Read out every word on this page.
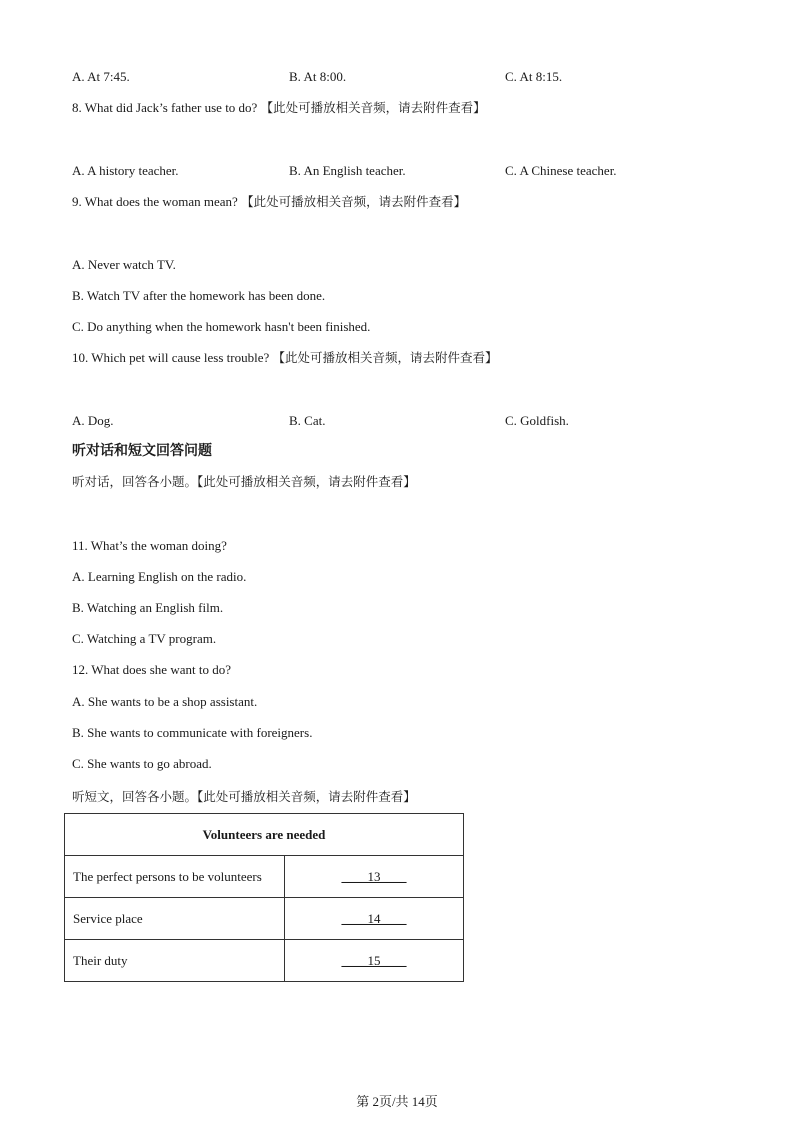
A. At 7:45.	B. At 8:00.	C. At 8:15.
8. What did Jack’s father use to do? 【此处可播放相关音频，请去附件查看】
A. A history teacher.	B. An English teacher.	C. A Chinese teacher.
9. What does the woman mean? 【此处可播放相关音频，请去附件查看】
A. Never watch TV.
B. Watch TV after the homework has been done.
C. Do anything when the homework hasn't been finished.
10. Which pet will cause less trouble? 【此处可播放相关音频，请去附件查看】
A. Dog.	B. Cat.	C. Goldfish.
听对话和短文回答问题
听对话，回答各小题。【此处可播放相关音频，请去附件查看】
11. What’s the woman doing?
A. Learning English on the radio.
B. Watching an English film.
C. Watching a TV program.
12. What does she want to do?
A. She wants to be a shop assistant.
B. She wants to communicate with foreigners.
C. She wants to go abroad.
听短文，回答各小题。【此处可播放相关音频，请去附件查看】
Volunteers are needed	
The perfect persons to be volunteers	____13____
Service place	____14____
Their duty	____15____
第 2页/共 14页
